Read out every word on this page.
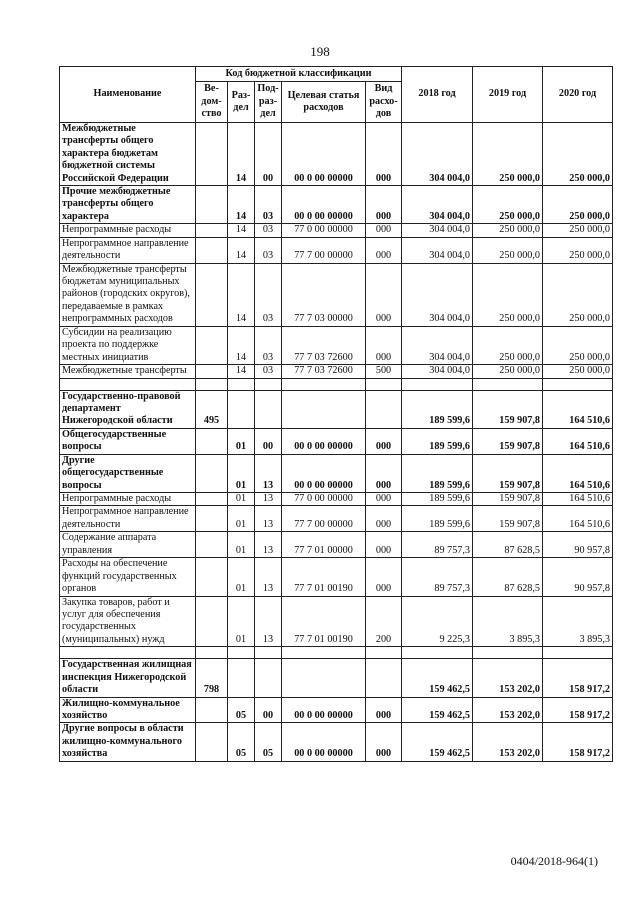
198
Наименование	Код бюджетной классификации					2018 год	2019 год	2020 год
	Ве-дом-ство	Раз-дел	Под-раз-дел	Целевая статья расходов	Вид расхо-дов			
Межбюджетные трансферты общего характера бюджетам бюджетной системы Российской Федерации		14	00	00 0 00 00000	000	304 004,0	250 000,0	250 000,0
Прочие межбюджетные трансферты общего характера		14	03	00 0 00 00000	000	304 004,0	250 000,0	250 000,0
Непрограммные расходы		14	03	77 0 00 00000	000	304 004,0	250 000,0	250 000,0
Непрограммное направление деятельности		14	03	77 7 00 00000	000	304 004,0	250 000,0	250 000,0
Межбюджетные трансферты бюджетам муниципальных районов (городских округов), передаваемые в рамках непрограммных расходов		14	03	77 7 03 00000	000	304 004,0	250 000,0	250 000,0
Субсидии на реализацию проекта по поддержке местных инициатив		14	03	77 7 03 72600	000	304 004,0	250 000,0	250 000,0
Межбюджетные трансферты		14	03	77 7 03 72600	500	304 004,0	250 000,0	250 000,0

Государственно-правовой департамент Нижегородской области	495					189 599,6	159 907,8	164 510,6
Общегосударственные вопросы		01	00	00 0 00 00000	000	189 599,6	159 907,8	164 510,6
Другие общегосударственные вопросы		01	13	00 0 00 00000	000	189 599,6	159 907,8	164 510,6
Непрограммные расходы		01	13	77 0 00 00000	000	189 599,6	159 907,8	164 510,6
Непрограммное направление деятельности		01	13	77 7 00 00000	000	189 599,6	159 907,8	164 510,6
Содержание аппарата управления		01	13	77 7 01 00000	000	89 757,3	87 628,5	90 957,8
Расходы на обеспечение функций государственных органов		01	13	77 7 01 00190	000	89 757,3	87 628,5	90 957,8
Закупка товаров, работ и услуг для обеспечения государственных (муниципальных) нужд		01	13	77 7 01 00190	200	9 225,3	3 895,3	3 895,3

Государственная жилищная инспекция Нижегородской области	798					159 462,5	153 202,0	158 917,2
Жилищно-коммунальное хозяйство		05	00	00 0 00 00000	000	159 462,5	153 202,0	158 917,2
Другие вопросы в области жилищно-коммунального хозяйства		05	05	00 0 00 00000	000	159 462,5	153 202,0	158 917,2
0404/2018-964(1)
